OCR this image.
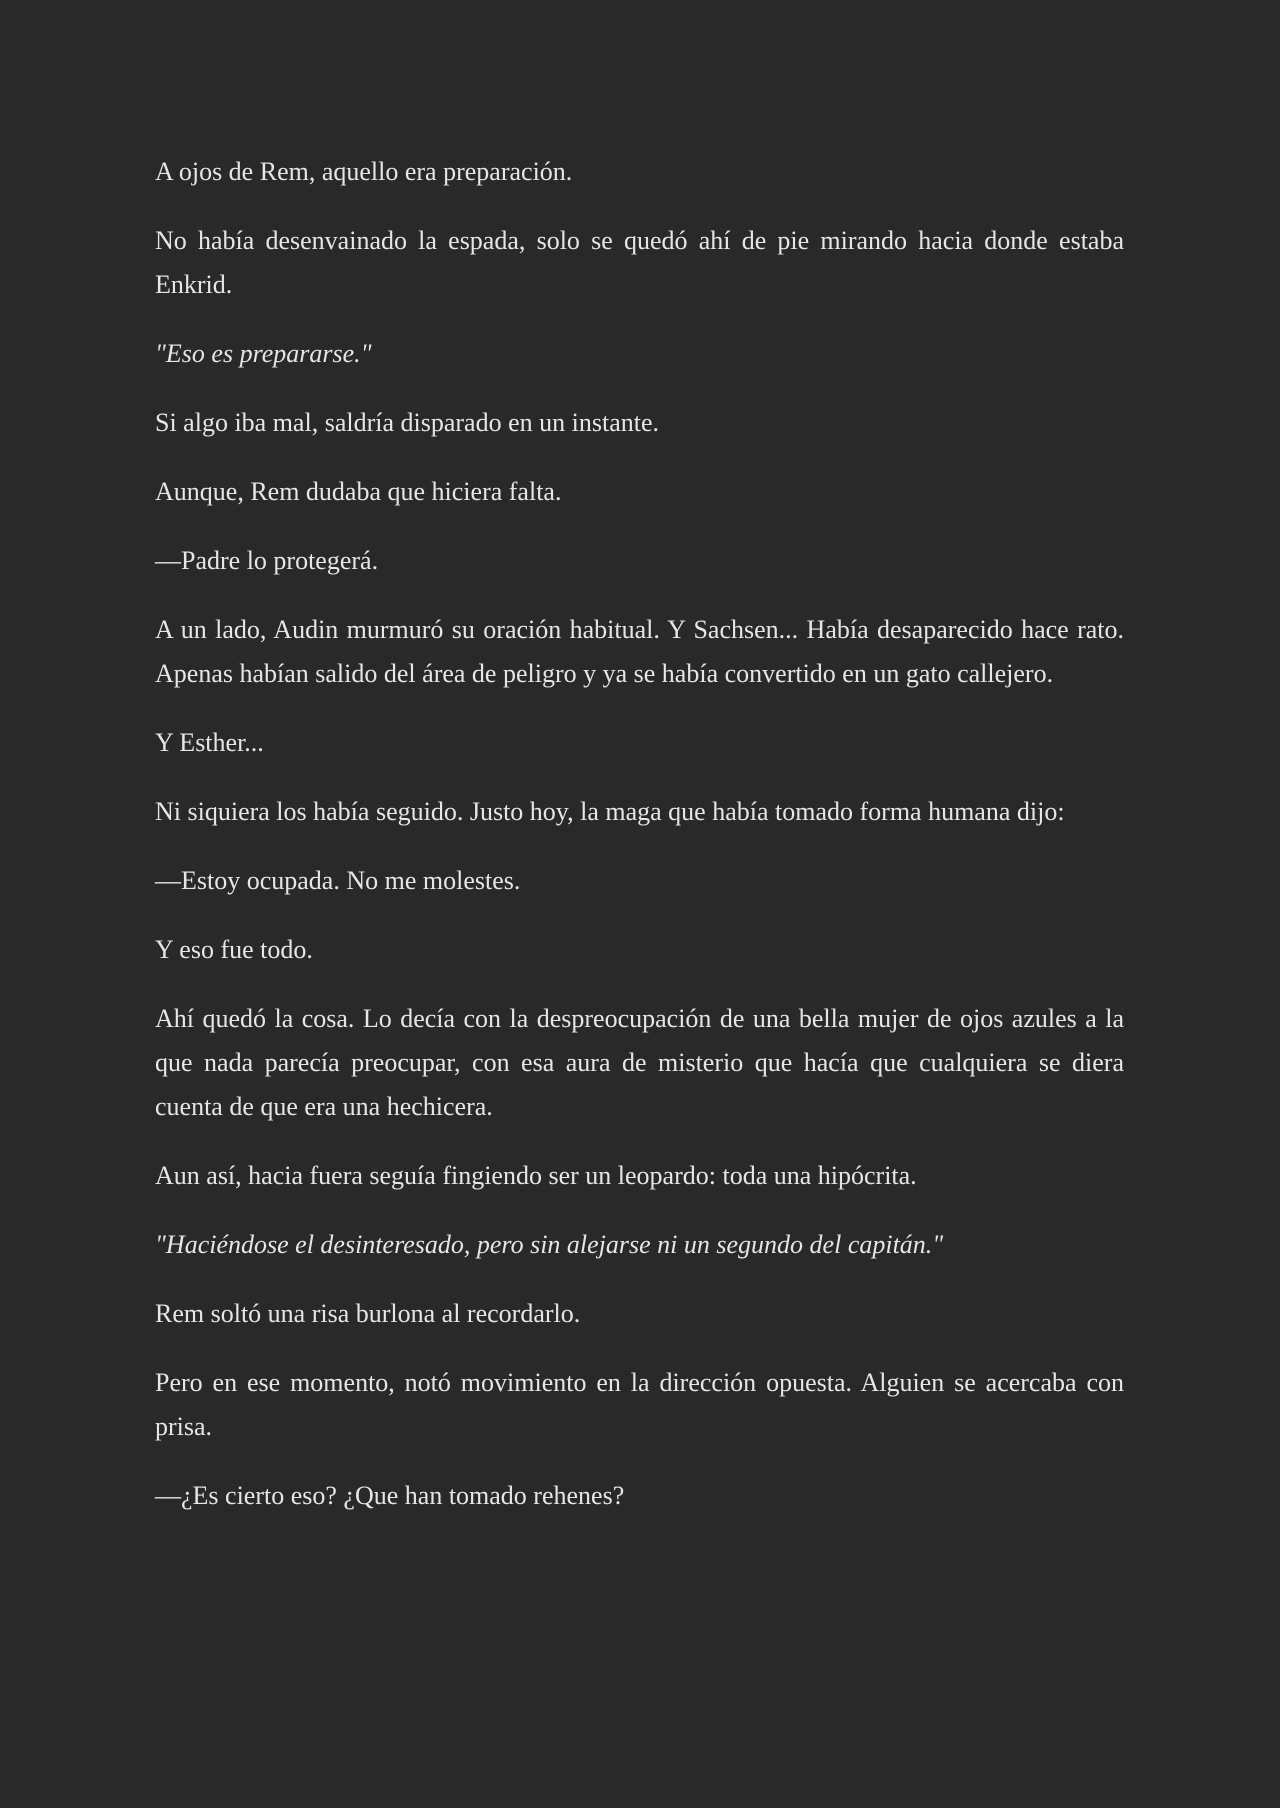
A ojos de Rem, aquello era preparación.

No había desenvainado la espada, solo se quedó ahí de pie mirando hacia donde estaba Enkrid.

"Eso es prepararse."

Si algo iba mal, saldría disparado en un instante.

Aunque, Rem dudaba que hiciera falta.

—Padre lo protegerá.

A un lado, Audin murmuró su oración habitual. Y Sachsen... Había desaparecido hace rato. Apenas habían salido del área de peligro y ya se había convertido en un gato callejero.

Y Esther...

Ni siquiera los había seguido. Justo hoy, la maga que había tomado forma humana dijo:

—Estoy ocupada. No me molestes.

Y eso fue todo.

Ahí quedó la cosa. Lo decía con la despreocupación de una bella mujer de ojos azules a la que nada parecía preocupar, con esa aura de misterio que hacía que cualquiera se diera cuenta de que era una hechicera.

Aun así, hacia fuera seguía fingiendo ser un leopardo: toda una hipócrita.

"Haciéndose el desinteresado, pero sin alejarse ni un segundo del capitán."

Rem soltó una risa burlona al recordarlo.

Pero en ese momento, notó movimiento en la dirección opuesta. Alguien se acercaba con prisa.

—¿Es cierto eso? ¿Que han tomado rehenes?
